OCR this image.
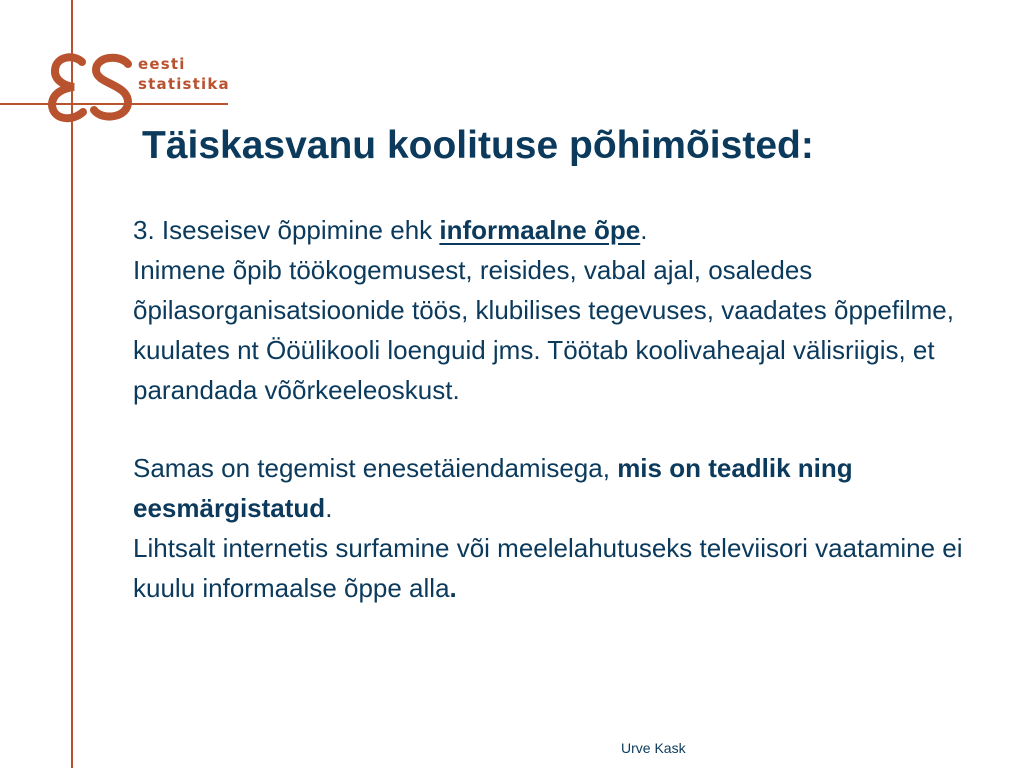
eesti
statistika
Täiskasvanu koolituse põhimõisted:

3. Iseseisev õppimine ehk informaalne õpe.

Inimene õpib töökogemusest, reisides, vabal ajal, osaledes õpilasorganisatsioonide töös, klubilises tegevuses, vaadates õppefilme, kuulates nt Ööülikooli loenguid jms. Töötab koolivaheajal välisriigis, et parandada võõrkeeleoskust.

Samas on tegemist enesetäiendamisega, mis on teadlik ning eesmärgistatud.

Lihtsalt internetis surfamine või meelelahutuseks televiisori vaatamine ei kuulu informaalse õppe alla.

Urve Kask
